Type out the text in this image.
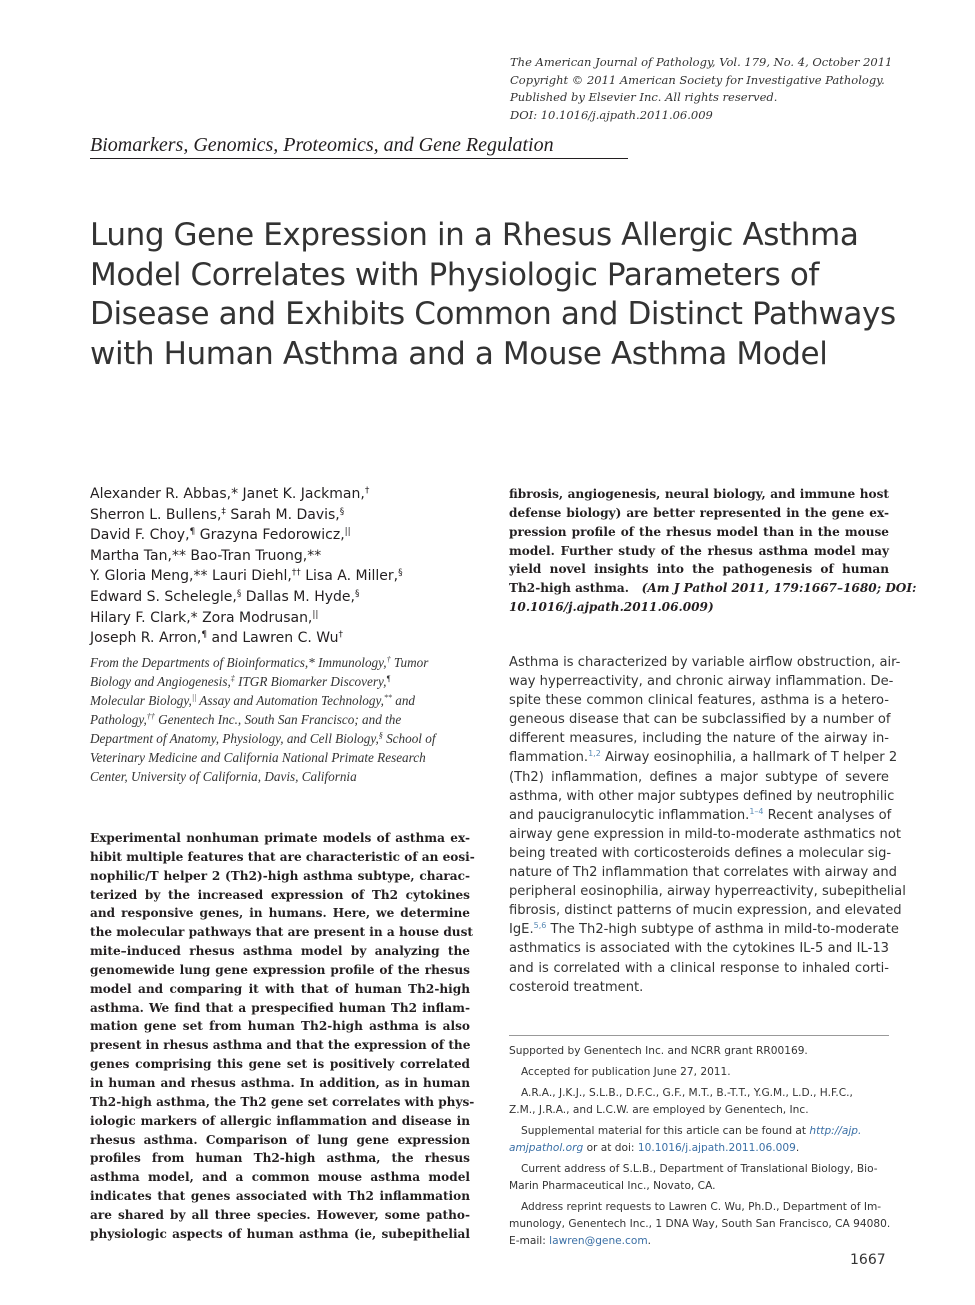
The American Journal of Pathology, Vol. 179, No. 4, October 2011
Copyright © 2011 American Society for Investigative Pathology.
Published by Elsevier Inc. All rights reserved.
DOI: 10.1016/j.ajpath.2011.06.009
Biomarkers, Genomics, Proteomics, and Gene Regulation
Lung Gene Expression in a Rhesus Allergic Asthma
Model Correlates with Physiologic Parameters of
Disease and Exhibits Common and Distinct Pathways
with Human Asthma and a Mouse Asthma Model
Alexander R. Abbas,* Janet K. Jackman,†
Sherron L. Bullens,‡ Sarah M. Davis,§
David F. Choy,¶ Grazyna Fedorowicz,||
Martha Tan,** Bao-Tran Truong,**
Y. Gloria Meng,** Lauri Diehl,†† Lisa A. Miller,§
Edward S. Schelegle,§ Dallas M. Hyde,§
Hilary F. Clark,* Zora Modrusan,||
Joseph R. Arron,¶ and Lawren C. Wu†
From the Departments of Bioinformatics,* Immunology,† Tumor
Biology and Angiogenesis,‡ ITGR Biomarker Discovery,¶
Molecular Biology,|| Assay and Automation Technology,** and
Pathology,†† Genentech Inc., South San Francisco; and the
Department of Anatomy, Physiology, and Cell Biology,§ School of
Veterinary Medicine and California National Primate Research
Center, University of California, Davis, California
Experimental nonhuman primate models of asthma ex-
hibit multiple features that are characteristic of an eosi-
nophilic/T helper 2 (Th2)-high asthma subtype, charac-
terized by the increased expression of Th2 cytokines
and responsive genes, in humans. Here, we determine
the molecular pathways that are present in a house dust
mite–induced rhesus asthma model by analyzing the
genomewide lung gene expression profile of the rhesus
model and comparing it with that of human Th2-high
asthma. We find that a prespecified human Th2 inflam-
mation gene set from human Th2-high asthma is also
present in rhesus asthma and that the expression of the
genes comprising this gene set is positively correlated
in human and rhesus asthma. In addition, as in human
Th2-high asthma, the Th2 gene set correlates with phys-
iologic markers of allergic inflammation and disease in
rhesus asthma. Comparison of lung gene expression
profiles from human Th2-high asthma, the rhesus
asthma model, and a common mouse asthma model
indicates that genes associated with Th2 inflammation
are shared by all three species. However, some patho-
physiologic aspects of human asthma (ie, subepithelial
fibrosis, angiogenesis, neural biology, and immune host
defense biology) are better represented in the gene ex-
pression profile of the rhesus model than in the mouse
model. Further study of the rhesus asthma model may
yield novel insights into the pathogenesis of human
Th2-high asthma. (Am J Pathol 2011, 179:1667–1680; DOI:
10.1016/j.ajpath.2011.06.009)
Asthma is characterized by variable airflow obstruction, air-
way hyperreactivity, and chronic airway inflammation. De-
spite these common clinical features, asthma is a hetero-
geneous disease that can be subclassified by a number of
different measures, including the nature of the airway in-
flammation.$^{1,2}$ Airway eosinophilia, a hallmark of T helper 2
(Th2) inflammation, defines a major subtype of severe
asthma, with other major subtypes defined by neutrophilic
and paucigranulocytic inflammation.$^{1-4}$ Recent analyses of
airway gene expression in mild-to-moderate asthmatics not
being treated with corticosteroids defines a molecular sig-
nature of Th2 inflammation that correlates with airway and
peripheral eosinophilia, airway hyperreactivity, subepithelial
fibrosis, distinct patterns of mucin expression, and elevated
IgE.$^{5,6}$ The Th2-high subtype of asthma in mild-to-moderate
asthmatics is associated with the cytokines IL-5 and IL-13
and is correlated with a clinical response to inhaled corti-
costeroid treatment.
Supported by Genentech Inc. and NCRR grant RR00169.
Accepted for publication June 27, 2011.
A.R.A., J.K.J., S.L.B., D.F.C., G.F., M.T., B.-T.T., Y.G.M., L.D., H.F.C.,
Z.M., J.R.A., and L.C.W. are employed by Genentech, Inc.
Supplemental material for this article can be found at http://ajp.
amjpathol.org or at doi: 10.1016/j.ajpath.2011.06.009.
Current address of S.L.B., Department of Translational Biology, Bio-
Marin Pharmaceutical Inc., Novato, CA.
Address reprint requests to Lawren C. Wu, Ph.D., Department of Im-
munology, Genentech Inc., 1 DNA Way, South San Francisco, CA 94080.
E-mail: lawren@gene.com.
1667
